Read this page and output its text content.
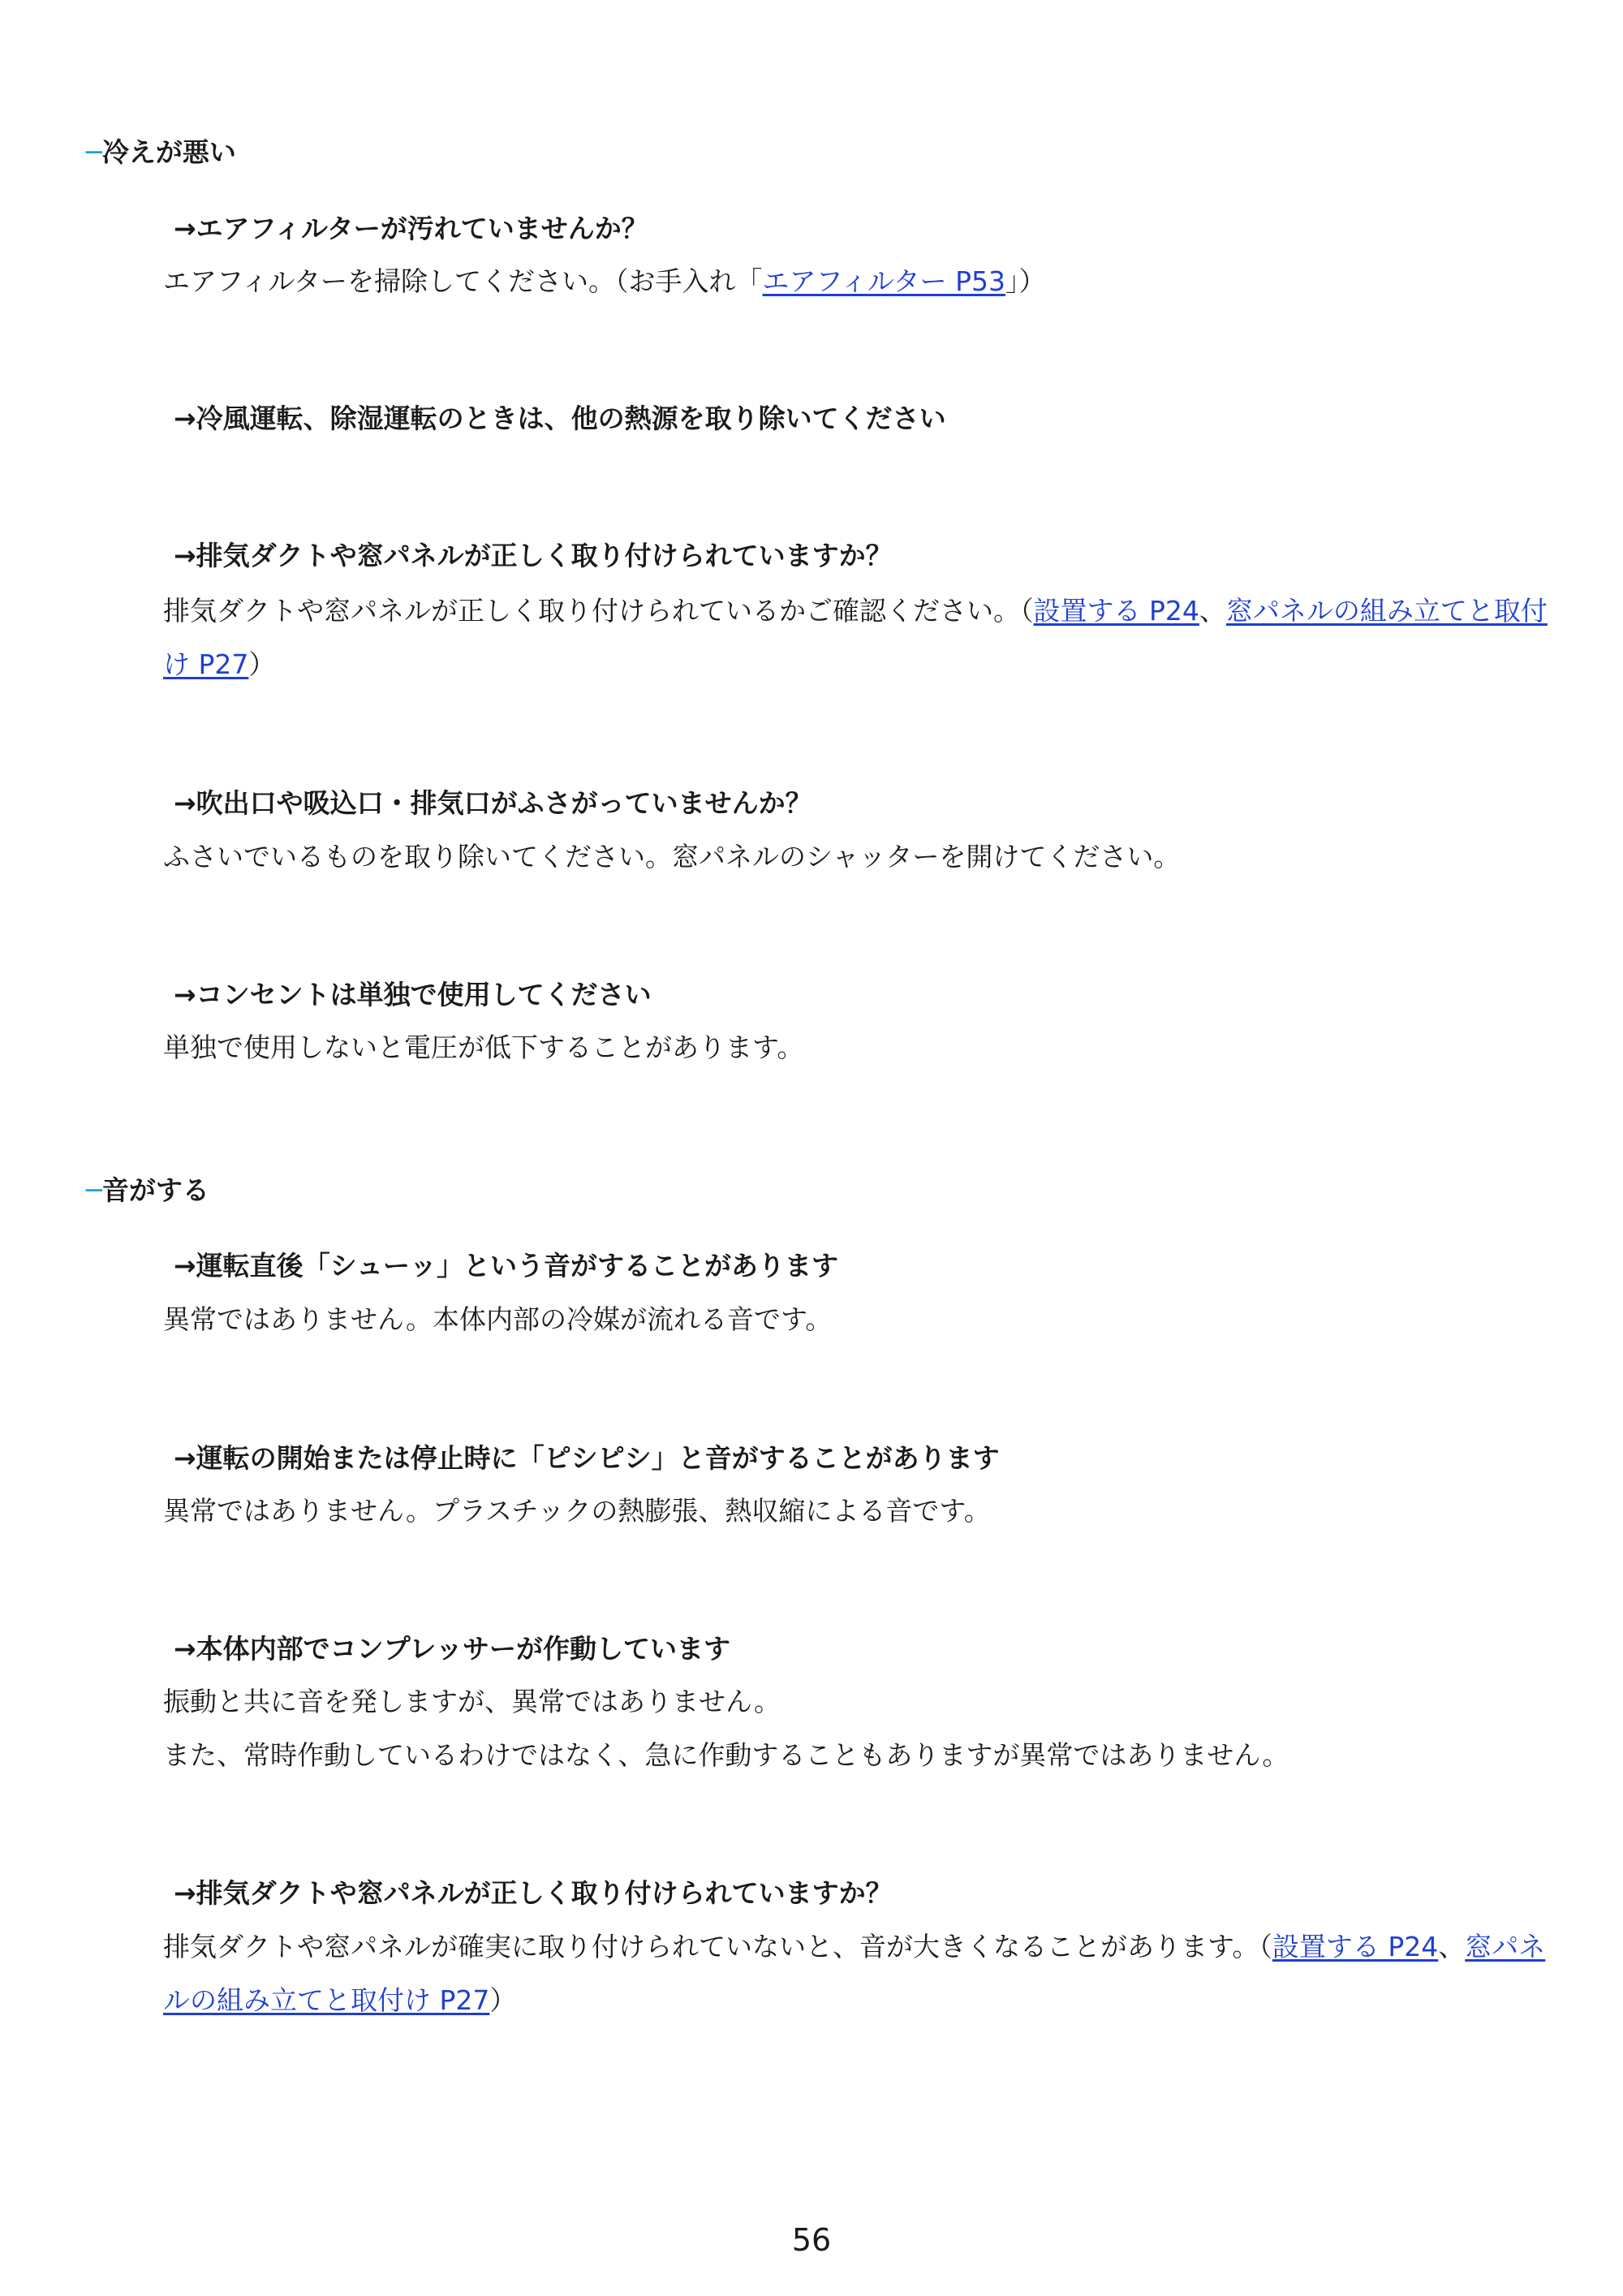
─冷えが悪い
→エアフィルターが汚れていませんか？
エアフィルターを掃除してください。（お手入れ「エアフィルター P53」）
→冷風運転、除湿運転のときは、他の熱源を取り除いてください
→排気ダクトや窓パネルが正しく取り付けられていますか？
排気ダクトや窓パネルが正しく取り付けられているかご確認ください。（設置する P24、窓パネルの組み立てと取付け P27）
→吹出口や吸込口・排気口がふさがっていませんか？
ふさいでいるものを取り除いてください。窓パネルのシャッターを開けてください。
→コンセントは単独で使用してください
単独で使用しないと電圧が低下することがあります。
─音がする
→運転直後「シューッ」という音がすることがあります
異常ではありません。本体内部の冷媒が流れる音です。
→運転の開始または停止時に「ピシピシ」と音がすることがあります
異常ではありません。プラスチックの熱膨張、熱収縮による音です。
→本体内部でコンプレッサーが作動しています
振動と共に音を発しますが、異常ではありません。
また、常時作動しているわけではなく、急に作動することもありますが異常ではありません。
→排気ダクトや窓パネルが正しく取り付けられていますか？
排気ダクトや窓パネルが確実に取り付けられていないと、音が大きくなることがあります。（設置する P24、窓パネルの組み立てと取付け P27）
56
